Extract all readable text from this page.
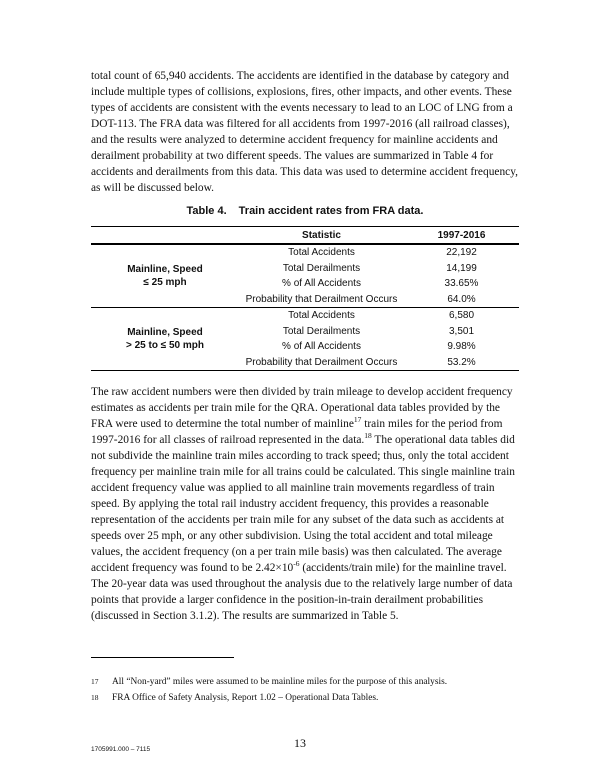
total count of 65,940 accidents. The accidents are identified in the database by category and include multiple types of collisions, explosions, fires, other impacts, and other events. These types of accidents are consistent with the events necessary to lead to an LOC of LNG from a DOT-113. The FRA data was filtered for all accidents from 1997-2016 (all railroad classes), and the results were analyzed to determine accident frequency for mainline accidents and derailment probability at two different speeds. The values are summarized in Table 4 for accidents and derailments from this data. This data was used to determine accident frequency, as will be discussed below.

Table 4. Train accident rates from FRA data.
	Statistic	1997-2016
Mainline, Speed
≤ 25 mph	Total Accidents	22,192
	Total Derailments	14,199
	% of All Accidents	33.65%
	Probability that Derailment Occurs	64.0%
Mainline, Speed
> 25 to ≤ 50 mph	Total Accidents	6,580
	Total Derailments	3,501
	% of All Accidents	9.98%
	Probability that Derailment Occurs	53.2%

The raw accident numbers were then divided by train mileage to develop accident frequency estimates as accidents per train mile for the QRA. Operational data tables provided by the FRA were used to determine the total number of mainline$^{17}$ train miles for the period from 1997-2016 for all classes of railroad represented in the data.$^{18}$ The operational data tables did not subdivide the mainline train miles according to track speed; thus, only the total accident frequency per mainline train mile for all trains could be calculated. This single mainline train accident frequency value was applied to all mainline train movements regardless of train speed. By applying the total rail industry accident frequency, this provides a reasonable representation of the accidents per train mile for any subset of the data such as accidents at speeds over 25 mph, or any other subdivision. Using the total accident and total mileage values, the accident frequency (on a per train mile basis) was then calculated. The average accident frequency was found to be $2.42\times 10^{-6}$ (accidents/train mile) for the mainline travel. The 20-year data was used throughout the analysis due to the relatively large number of data points that provide a larger confidence in the position-in-train derailment probabilities (discussed in Section 3.1.2). The results are summarized in Table 5.

17 All “Non-yard” miles were assumed to be mainline miles for the purpose of this analysis.
18 FRA Office of Safety Analysis, Report 1.02 – Operational Data Tables.
1705991.000 – 7115	13
